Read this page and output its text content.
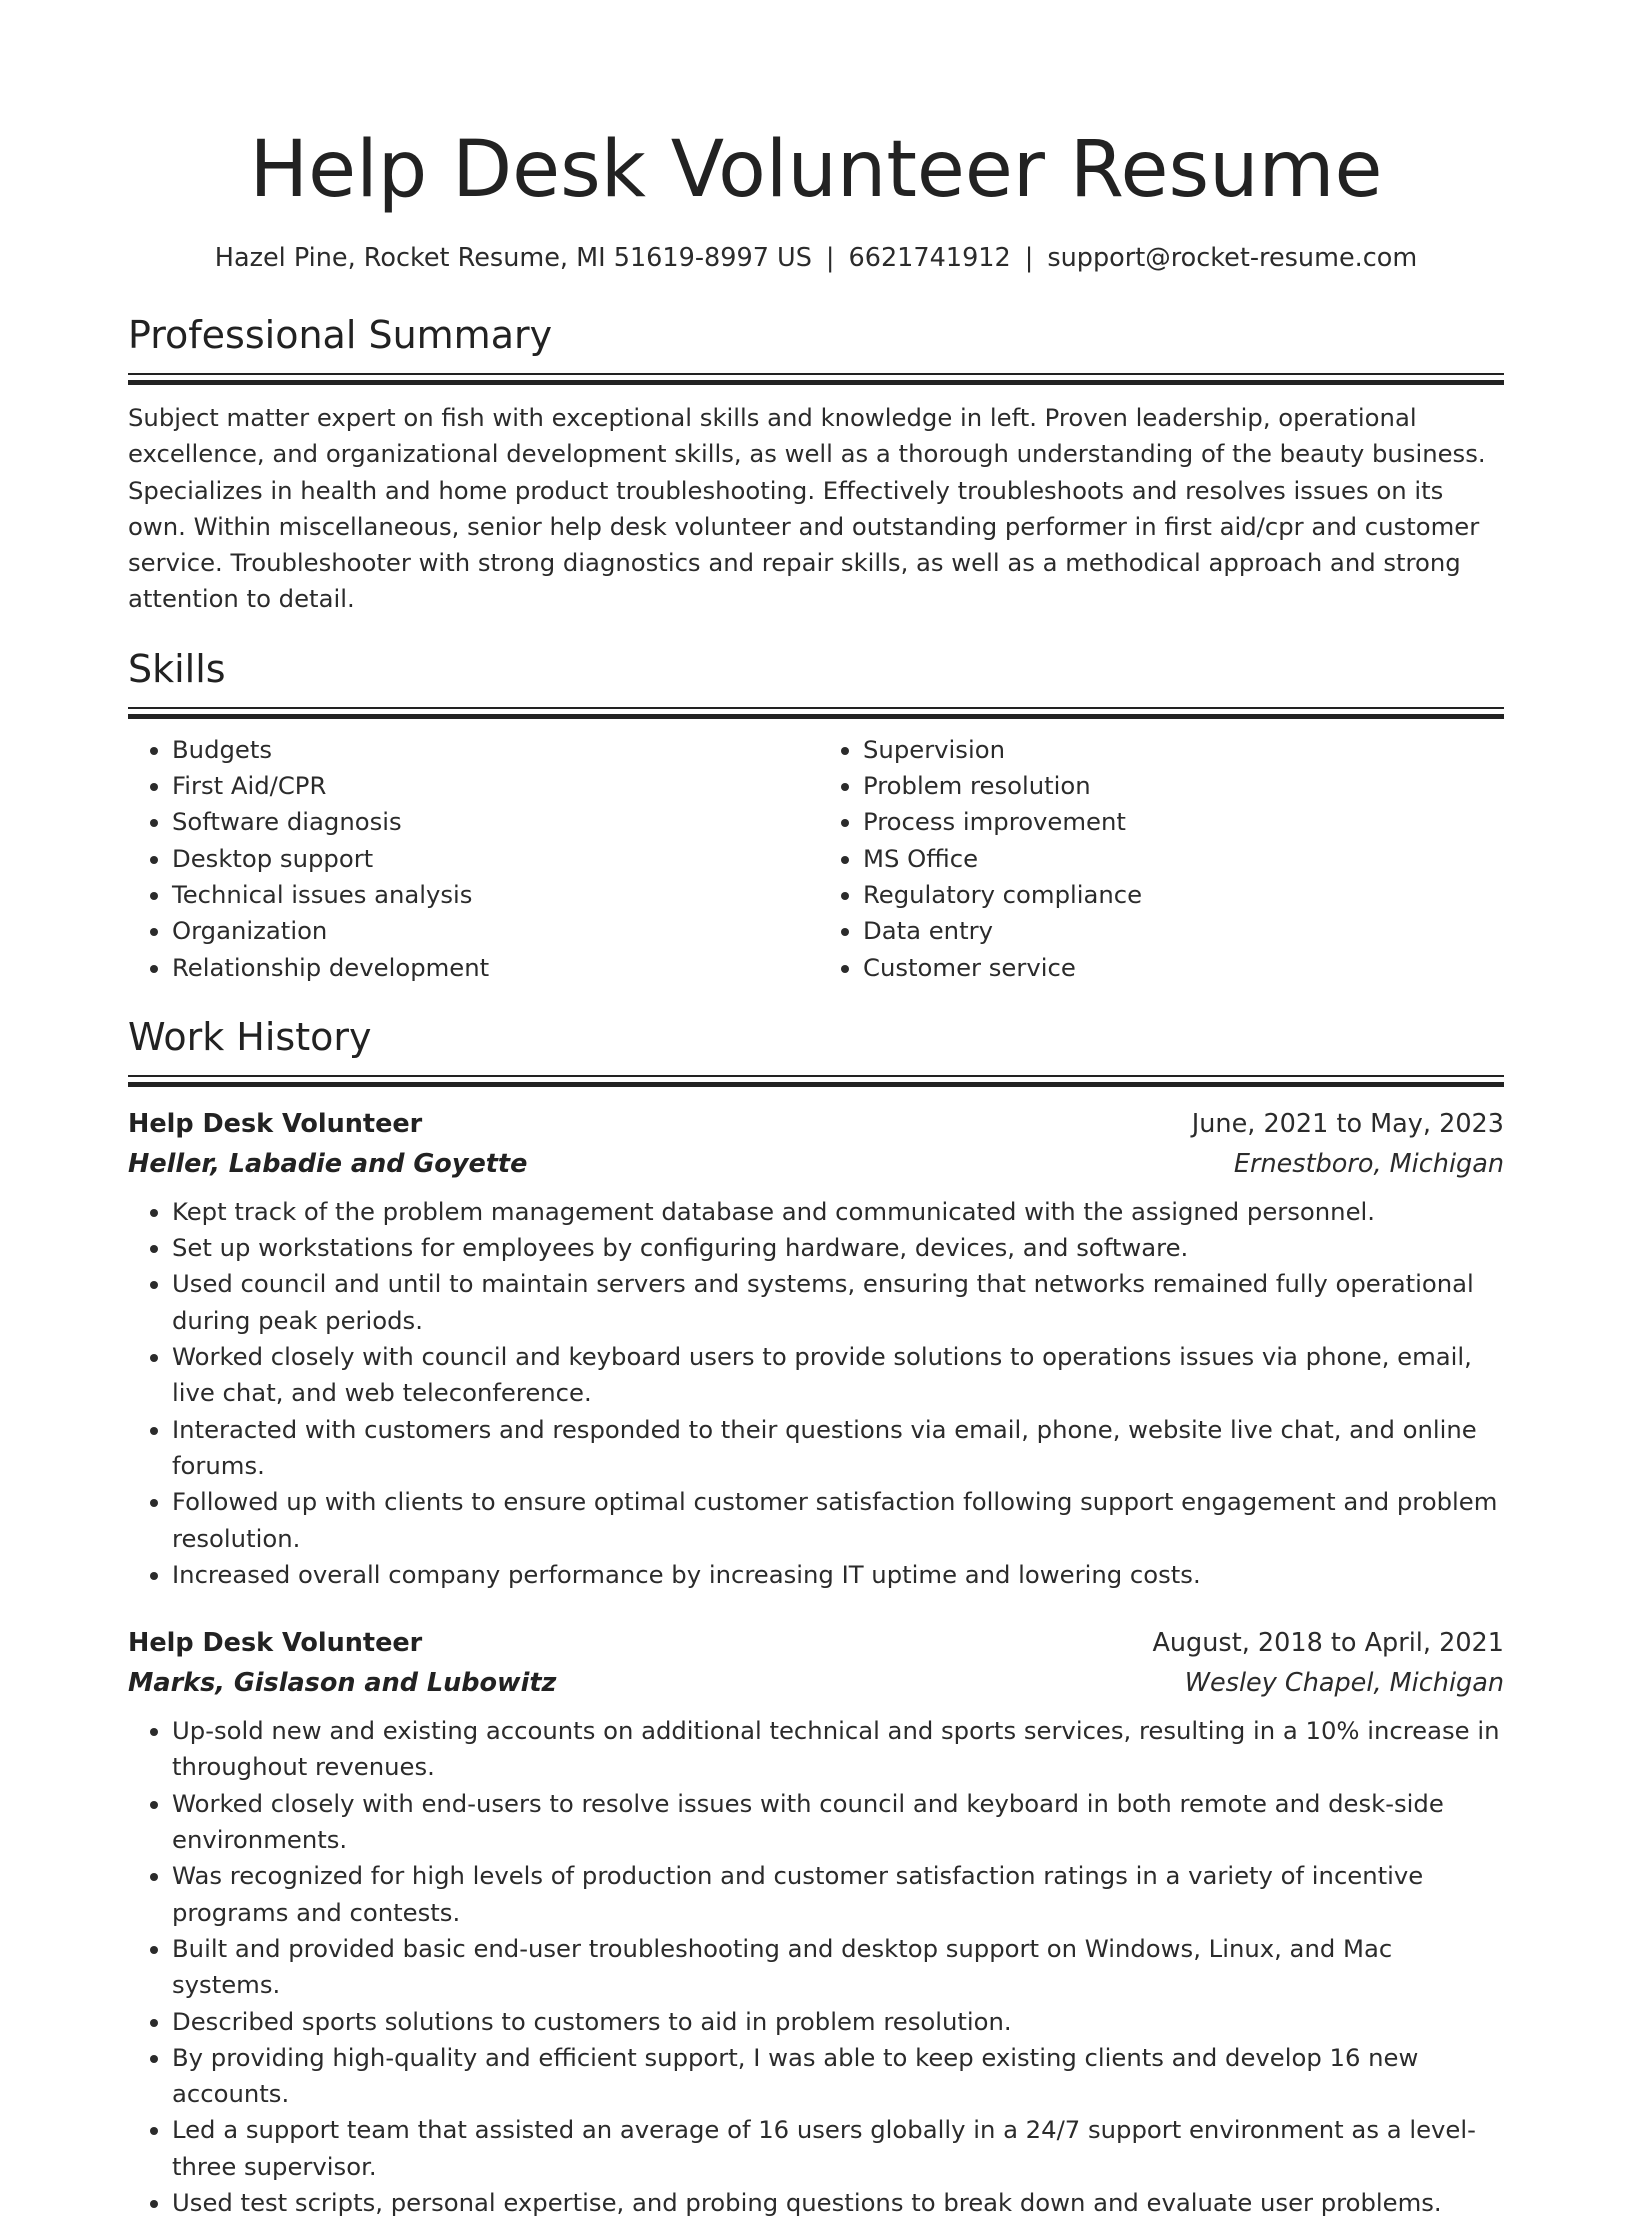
Help Desk Volunteer Resume
Hazel Pine, Rocket Resume, MI 51619-8997 US | 6621741912 | support@rocket-resume.com
Professional Summary

Subject matter expert on fish with exceptional skills and knowledge in left. Proven leadership, operational excellence, and organizational development skills, as well as a thorough understanding of the beauty business. Specializes in health and home product troubleshooting. Effectively troubleshoots and resolves issues on its own. Within miscellaneous, senior help desk volunteer and outstanding performer in first aid/cpr and customer service. Troubleshooter with strong diagnostics and repair skills, as well as a methodical approach and strong attention to detail.

Skills
• Budgets
• First Aid/CPR
• Software diagnosis
• Desktop support
• Technical issues analysis
• Organization
• Relationship development
• Supervision
• Problem resolution
• Process improvement
• MS Office
• Regulatory compliance
• Data entry
• Customer service
Work History
Help Desk Volunteer	June, 2021 to May, 2023
Heller, Labadie and Goyette	Ernestboro, Michigan
• Kept track of the problem management database and communicated with the assigned personnel.
• Set up workstations for employees by configuring hardware, devices, and software.
• Used council and until to maintain servers and systems, ensuring that networks remained fully operational during peak periods.
• Worked closely with council and keyboard users to provide solutions to operations issues via phone, email, live chat, and web teleconference.
• Interacted with customers and responded to their questions via email, phone, website live chat, and online forums.
• Followed up with clients to ensure optimal customer satisfaction following support engagement and problem resolution.
• Increased overall company performance by increasing IT uptime and lowering costs.
Help Desk Volunteer	August, 2018 to April, 2021
Marks, Gislason and Lubowitz	Wesley Chapel, Michigan
• Up-sold new and existing accounts on additional technical and sports services, resulting in a 10% increase in throughout revenues.
• Worked closely with end-users to resolve issues with council and keyboard in both remote and desk-side environments.
• Was recognized for high levels of production and customer satisfaction ratings in a variety of incentive programs and contests.
• Built and provided basic end-user troubleshooting and desktop support on Windows, Linux, and Mac systems.
• Described sports solutions to customers to aid in problem resolution.
• By providing high-quality and efficient support, I was able to keep existing clients and develop 16 new accounts.
• Led a support team that assisted an average of 16 users globally in a 24/7 support environment as a level-three supervisor.
• Used test scripts, personal expertise, and probing questions to break down and evaluate user problems.
